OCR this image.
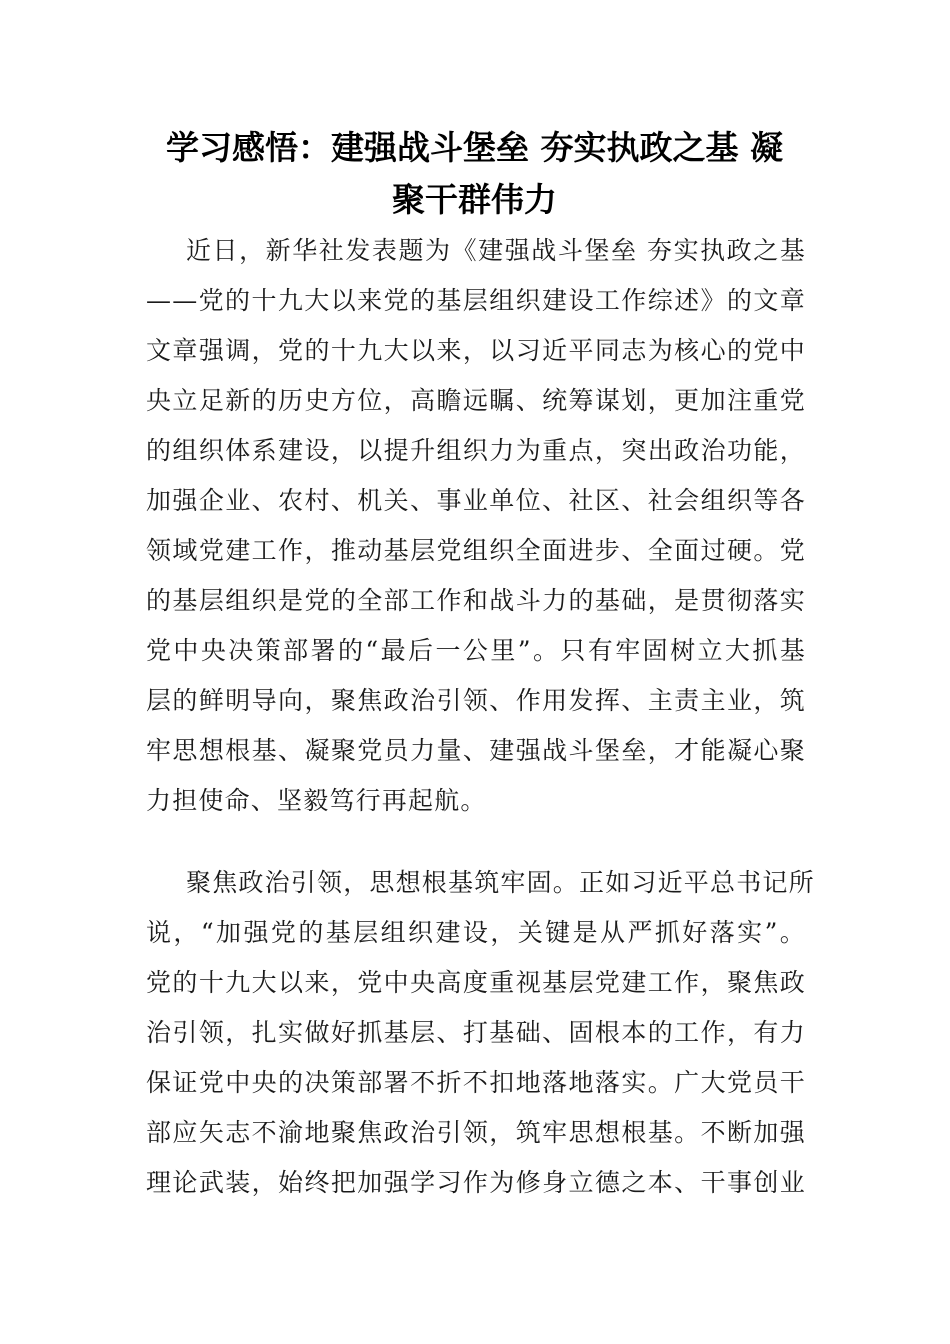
学习感悟：建强战斗堡垒 夯实执政之基 凝
聚干群伟力
近日，新华社发表题为《建强战斗堡垒 夯实执政之基
——党的十九大以来党的基层组织建设工作综述》的文章
文章强调，党的十九大以来，以习近平同志为核心的党中
央立足新的历史方位，高瞻远瞩、统筹谋划，更加注重党
的组织体系建设，以提升组织力为重点，突出政治功能，
加强企业、农村、机关、事业单位、社区、社会组织等各
领域党建工作，推动基层党组织全面进步、全面过硬。党
的基层组织是党的全部工作和战斗力的基础，是贯彻落实
党中央决策部署的“最后一公里”。只有牢固树立大抓基
层的鲜明导向，聚焦政治引领、作用发挥、主责主业，筑
牢思想根基、凝聚党员力量、建强战斗堡垒，才能凝心聚
力担使命、坚毅笃行再起航。
聚焦政治引领，思想根基筑牢固。正如习近平总书记所
说，“加强党的基层组织建设，关键是从严抓好落实”。
党的十九大以来，党中央高度重视基层党建工作，聚焦政
治引领，扎实做好抓基层、打基础、固根本的工作，有力
保证党中央的决策部署不折不扣地落地落实。广大党员干
部应矢志不渝地聚焦政治引领，筑牢思想根基。不断加强
理论武装，始终把加强学习作为修身立德之本、干事创业
